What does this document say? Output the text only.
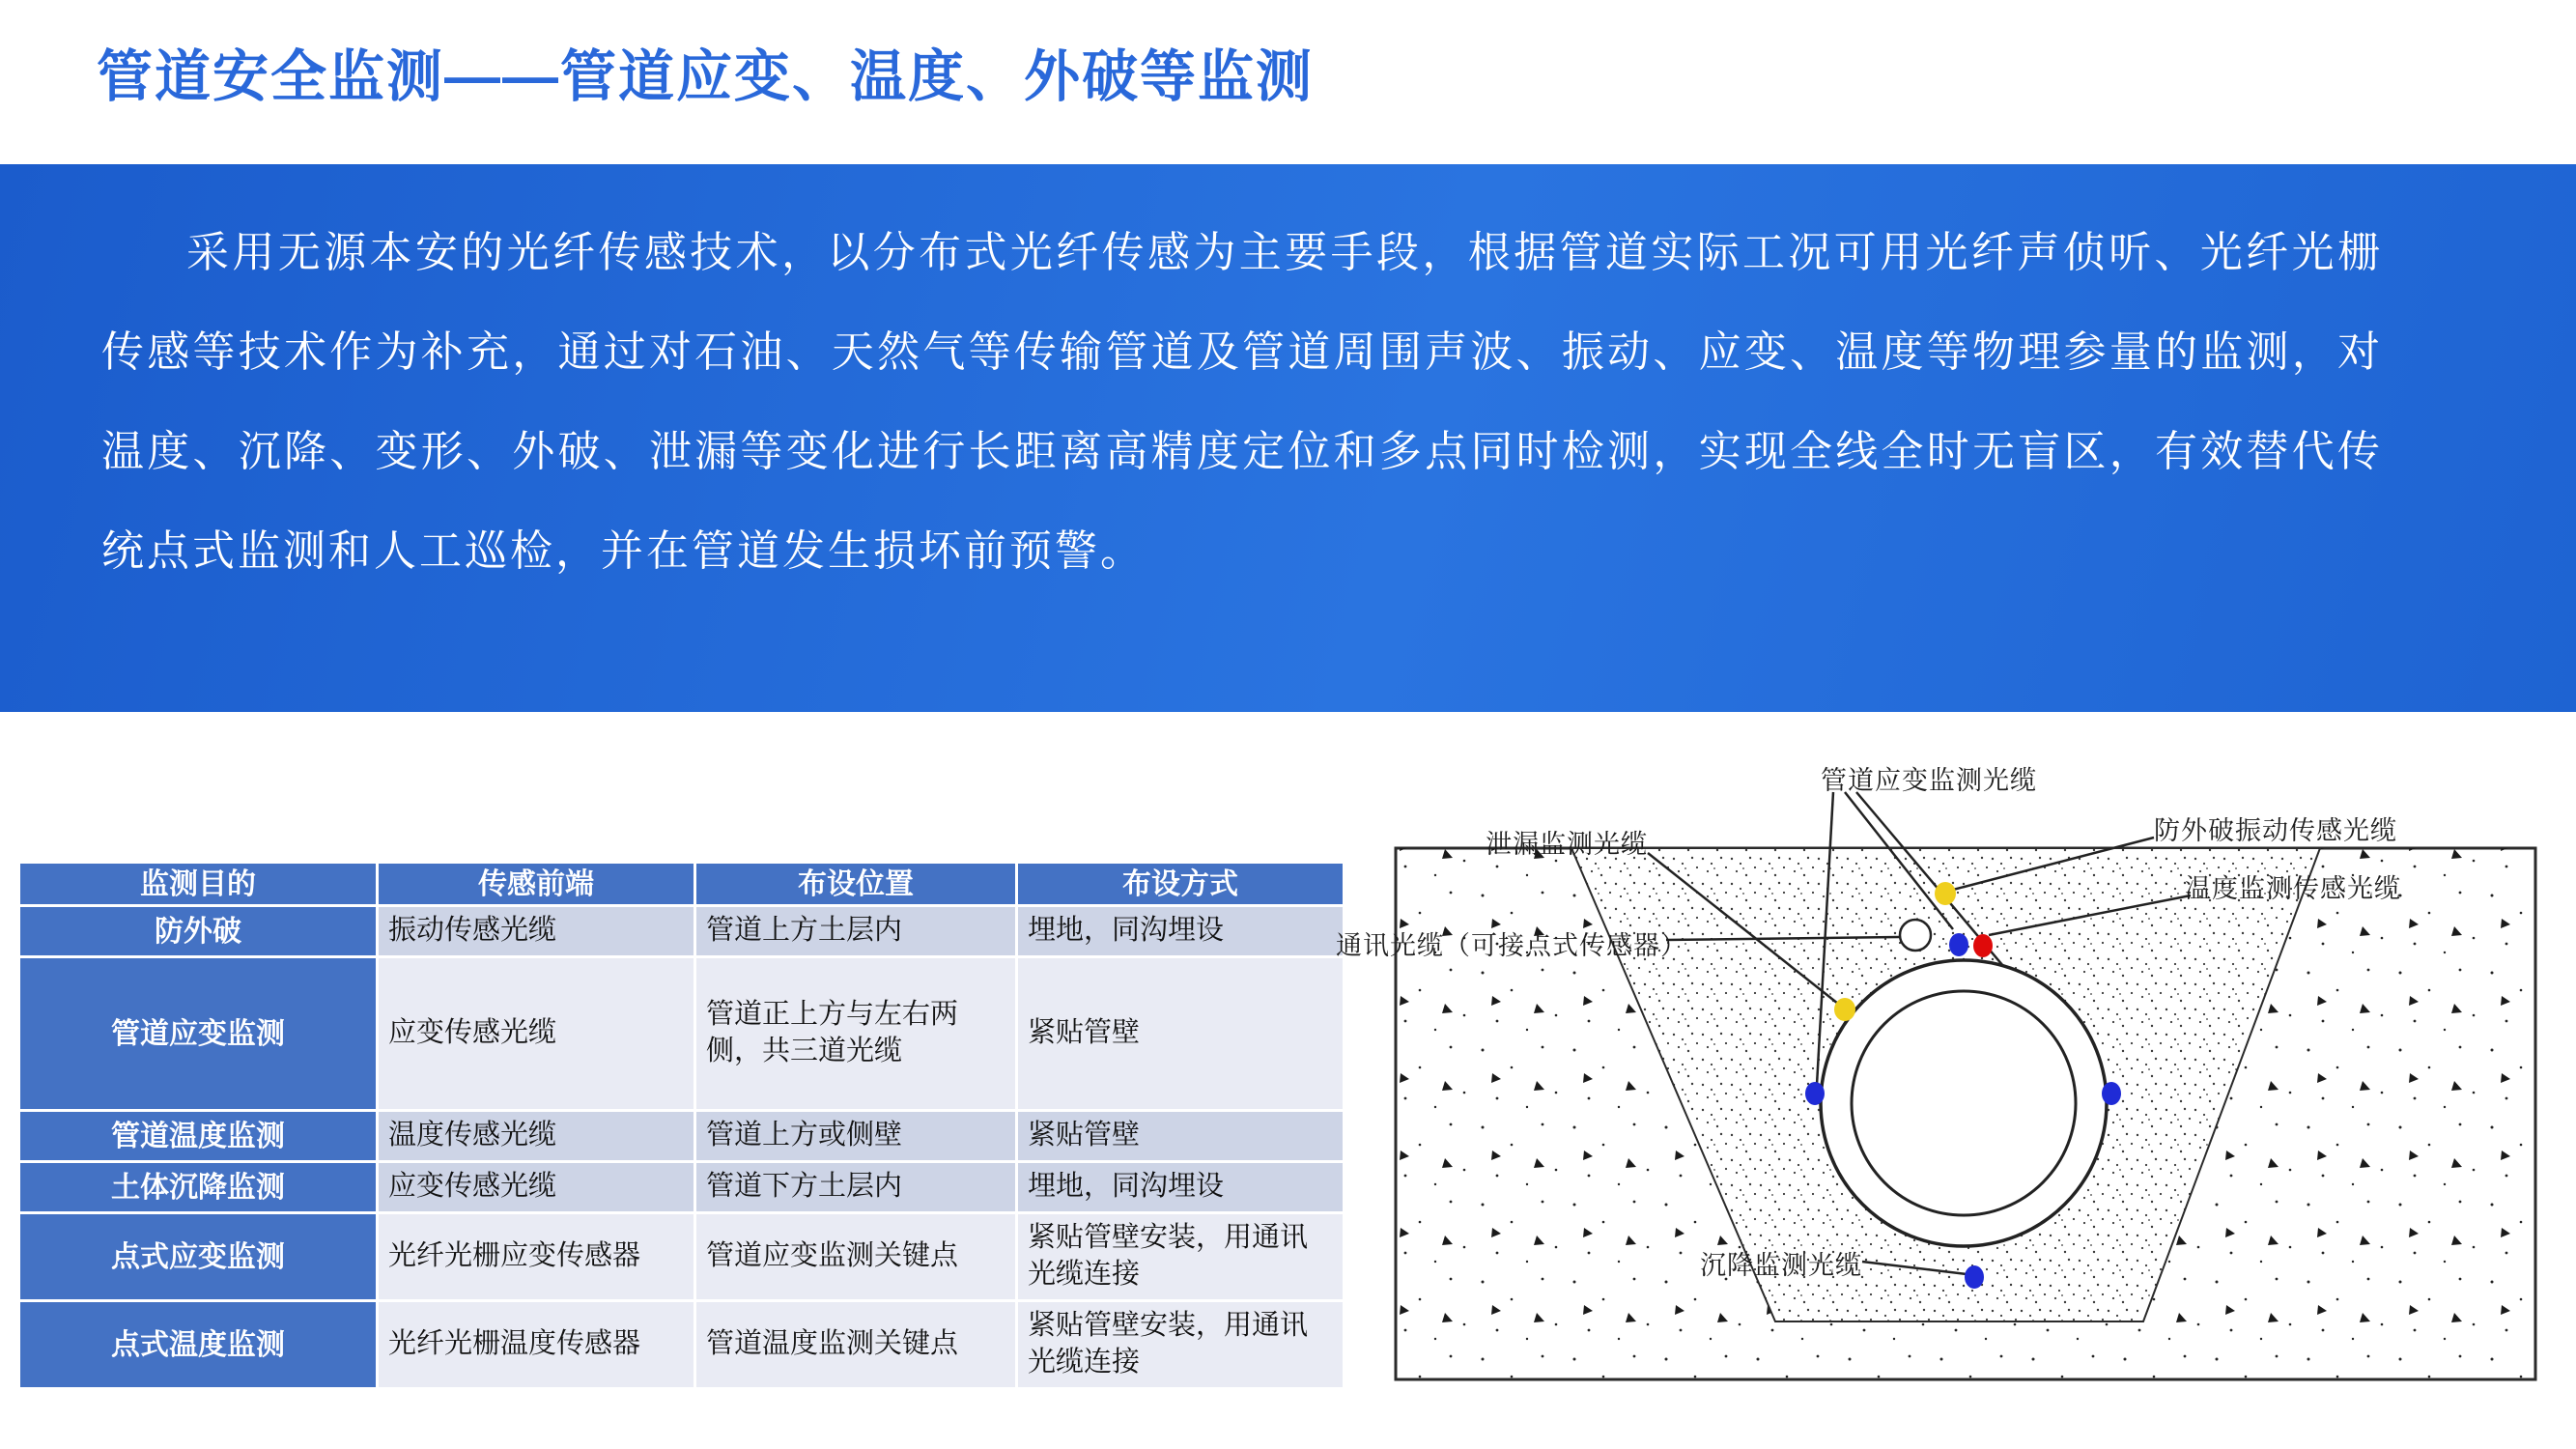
管道安全监测——管道应变、温度、外破等监测

采用无源本安的光纤传感技术，以分布式光纤传感为主要手段，根据管道实际工况可用光纤声侦听、光纤光栅传感等技术作为补充，通过对石油、天然气等传输管道及管道周围声波、振动、应变、温度等物理参量的监测，对温度、沉降、变形、外破、泄漏等变化进行长距离高精度定位和多点同时检测，实现全线全时无盲区，有效替代传统点式监测和人工巡检，并在管道发生损坏前预警。

监测目的	传感前端	布设位置	布设方式
防外破	振动传感光缆	管道上方土层内	埋地，同沟埋设
管道应变监测	应变传感光缆	管道正上方与左右两侧，共三道光缆	紧贴管壁
管道温度监测	温度传感光缆	管道上方或侧壁	紧贴管壁
土体沉降监测	应变传感光缆	管道下方土层内	埋地，同沟埋设
点式应变监测	光纤光栅应变传感器	管道应变监测关键点	紧贴管壁安装，用通讯光缆连接
点式温度监测	光纤光栅温度传感器	管道温度监测关键点	紧贴管壁安装，用通讯光缆连接
管道应变监测光缆
防外破振动传感光缆
泄漏监测光缆
温度监测传感光缆
通讯光缆（可接点式传感器）
沉降监测光缆
